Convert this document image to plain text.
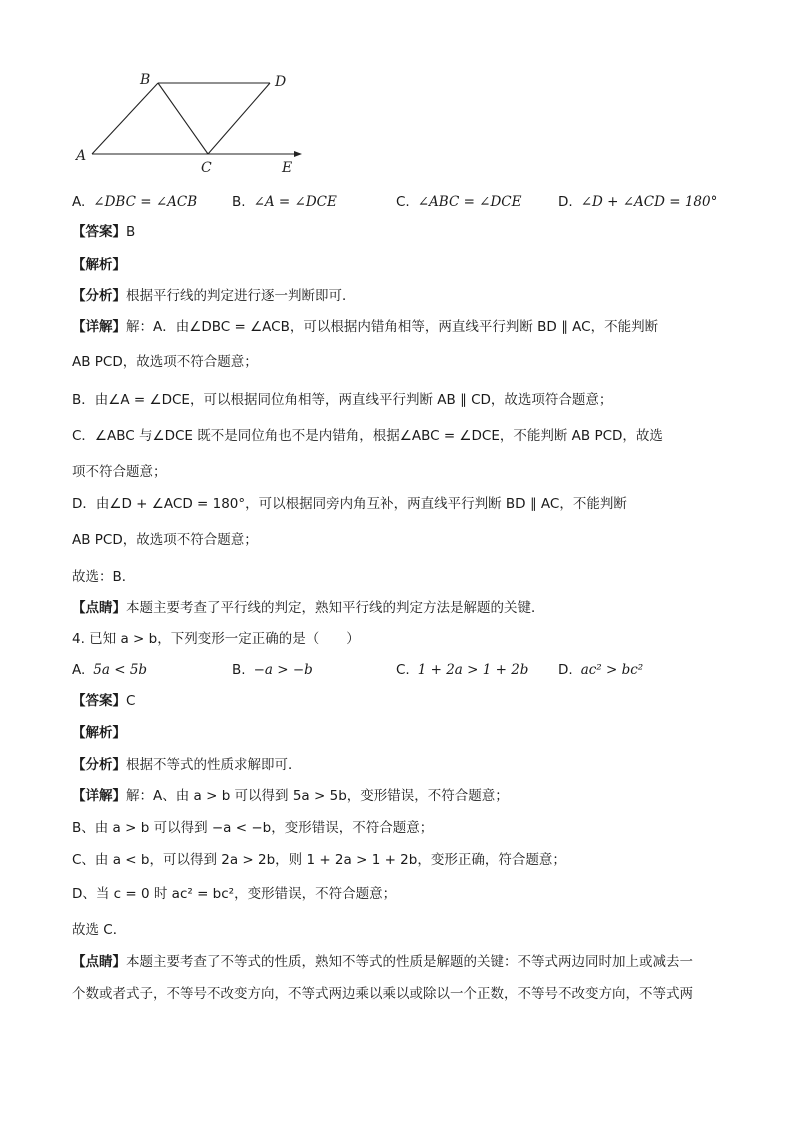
A
B	D
C	E
A. ∠DBC = ∠ACB	B. ∠A = ∠DCE	C. ∠ABC = ∠DCE	D. ∠D + ∠ACD = 180°
【答案】B
【解析】
【分析】根据平行线的判定进行逐一判断即可．
【详解】解：A．由∠DBC = ∠ACB，可以根据内错角相等，两直线平行判断 BD ∥ AC，不能判断
AB PCD，故选项不符合题意；
B．由∠A = ∠DCE，可以根据同位角相等，两直线平行判断 AB ∥ CD，故选项符合题意；
C．∠ABC 与∠DCE 既不是同位角也不是内错角，根据∠ABC = ∠DCE，不能判断 AB PCD，故选
项不符合题意；
D．由∠D + ∠ACD = 180°，可以根据同旁内角互补，两直线平行判断 BD ∥ AC，不能判断
AB PCD，故选项不符合题意；
故选：B．
【点睛】本题主要考查了平行线的判定，熟知平行线的判定方法是解题的关键．
4. 已知 a > b，下列变形一定正确的是（　　）
A. 5a < 5b	B. −a > −b	C. 1 + 2a > 1 + 2b D. ac² > bc²
【答案】C
【解析】
【分析】根据不等式的性质求解即可．
【详解】解：A、由 a > b 可以得到 5a > 5b，变形错误，不符合题意；
B、由 a > b 可以得到 −a < −b，变形错误，不符合题意；
C、由 a < b，可以得到 2a > 2b，则 1 + 2a > 1 + 2b，变形正确，符合题意；
D、当 c = 0 时 ac² = bc²，变形错误，不符合题意；
故选 C．
【点睛】本题主要考查了不等式的性质，熟知不等式的性质是解题的关键：不等式两边同时加上或减去一
个数或者式子，不等号不改变方向，不等式两边乘以乘以或除以一个正数，不等号不改变方向，不等式两
